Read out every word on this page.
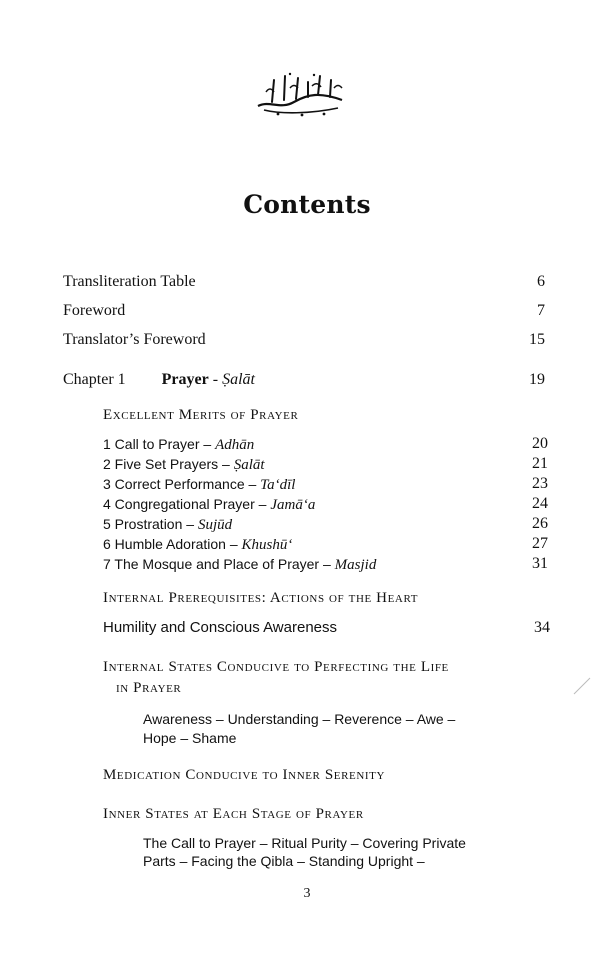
Contents
Transliteration Table	6
Foreword	7
Translator’s Foreword	15
Chapter 1 Prayer - Ṣalāt	19
Excellent Merits of Prayer
1 Call to Prayer – Adhān	20
2 Five Set Prayers – Ṣalāt	21
3 Correct Performance – Ta‘dīl	23
4 Congregational Prayer – Jamā‘a	24
5 Prostration – Sujūd	26
6 Humble Adoration – Khushū‘	27
7 The Mosque and Place of Prayer – Masjid	31
Internal Prerequisites: Actions of the Heart
Humility and Conscious Awareness	34
Internal States Conducive to Perfecting the Life
in Prayer
Awareness – Understanding – Reverence – Awe –
Hope – Shame
Medication Conducive to Inner Serenity
Inner States at Each Stage of Prayer
The Call to Prayer – Ritual Purity – Covering Private
Parts – Facing the Qibla – Standing Upright –
3
